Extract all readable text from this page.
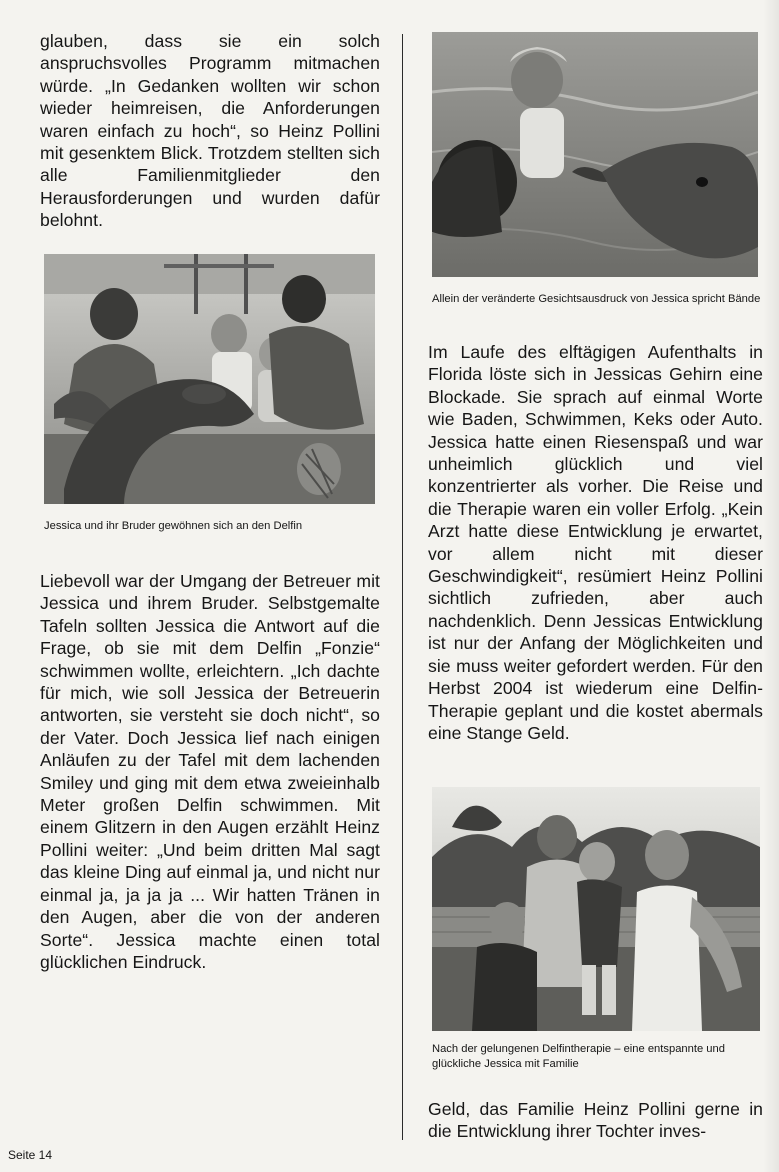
glauben, dass sie ein solch anspruchsvolles Programm mitmachen würde. „In Gedanken wollten wir schon wieder heimreisen, die Anforderungen waren einfach zu hoch“, so Heinz Pollini mit gesenktem Blick. Trotzdem stellten sich alle Familienmitglieder den Herausforderungen und wurden dafür belohnt.

Jessica und ihr Bruder gewöhnen sich an den Delfin

Liebevoll war der Umgang der Betreuer mit Jessica und ihrem Bruder. Selbstgemalte Tafeln sollten Jessica die Antwort auf die Frage, ob sie mit dem Delfin „Fonzie“ schwimmen wollte, erleichtern. „Ich dachte für mich, wie soll Jessica der Betreuerin antworten, sie versteht sie doch nicht“, so der Vater. Doch Jessica lief nach einigen Anläufen zu der Tafel mit dem lachenden Smiley und ging mit dem etwa zweieinhalb Meter großen Delfin schwimmen. Mit einem Glitzern in den Augen erzählt Heinz Pollini weiter: „Und beim dritten Mal sagt das kleine Ding auf einmal ja, und nicht nur einmal ja, ja ja ja ... Wir hatten Tränen in den Augen, aber die von der anderen Sorte“. Jessica machte einen total glücklichen Eindruck.

Allein der veränderte Gesichtsausdruck von Jessica spricht Bände

Im Laufe des elftägigen Aufenthalts in Florida löste sich in Jessicas Gehirn eine Blockade. Sie sprach auf einmal Worte wie Baden, Schwimmen, Keks oder Auto. Jessica hatte einen Riesenspaß und war unheimlich glücklich und viel konzentrierter als vorher. Die Reise und die Therapie waren ein voller Erfolg. „Kein Arzt hatte diese Entwicklung je erwartet, vor allem nicht mit dieser Geschwindigkeit“, resümiert Heinz Pollini sichtlich zufrieden, aber auch nachdenklich. Denn Jessicas Entwicklung ist nur der Anfang der Möglichkeiten und sie muss weiter gefordert werden. Für den Herbst 2004 ist wiederum eine Delfin-Therapie geplant und die kostet abermals eine Stange Geld.

Nach der gelungenen Delfintherapie – eine entspannte und glückliche Jessica mit Familie

Geld, das Familie Heinz Pollini gerne in die Entwicklung ihrer Tochter inves-

Seite 14
